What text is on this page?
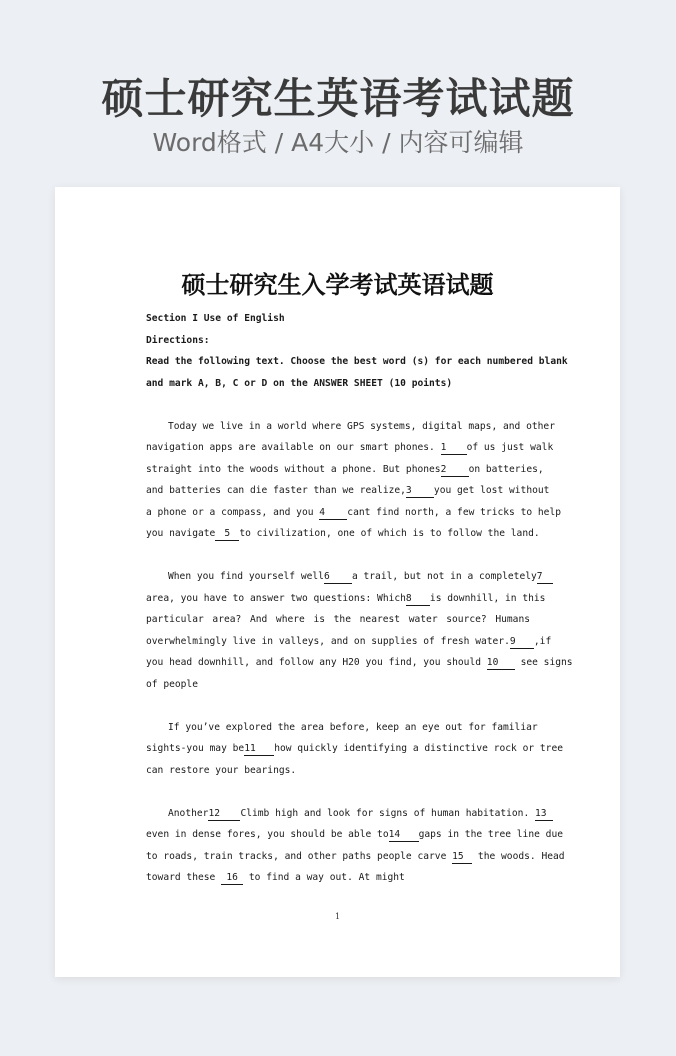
硕士研究生英语考试试题
Word格式 / A4大小 / 内容可编辑
硕士研究生入学考试英语试题
Section I Use of English
Directions:
Read the following text. Choose the best word (s) for each numbered blank
and mark A, B, C or D on the ANSWER SHEET (10 points)
Today we live in a world where GPS systems, digital maps, and other
navigation apps are available on our smart phones. 1 of us just walk
straight into the woods without a phone. But phones2 on batteries,
and batteries can die faster than we realize,3 you get lost without
a phone or a compass, and you 4 cant find north, a few tricks to help
you navigate 5 to civilization, one of which is to follow the land.
When you find yourself well6 a trail, but not in a completely7
area, you have to answer two questions: Which8 is downhill, in this
particular area? And where is the nearest water source? Humans
overwhelmingly live in valleys, and on supplies of fresh water.9 ,if
you head downhill, and follow any H20 you find, you should 10 see signs
of people
If you’ve explored the area before, keep an eye out for familiar
sights-you may be11 how quickly identifying a distinctive rock or tree
can restore your bearings.
Another12 Climb high and look for signs of human habitation. 13
even in dense fores, you should be able to14 gaps in the tree line due
to roads, train tracks, and other paths people carve 15 the woods. Head
toward these 16 to find a way out. At might
1
